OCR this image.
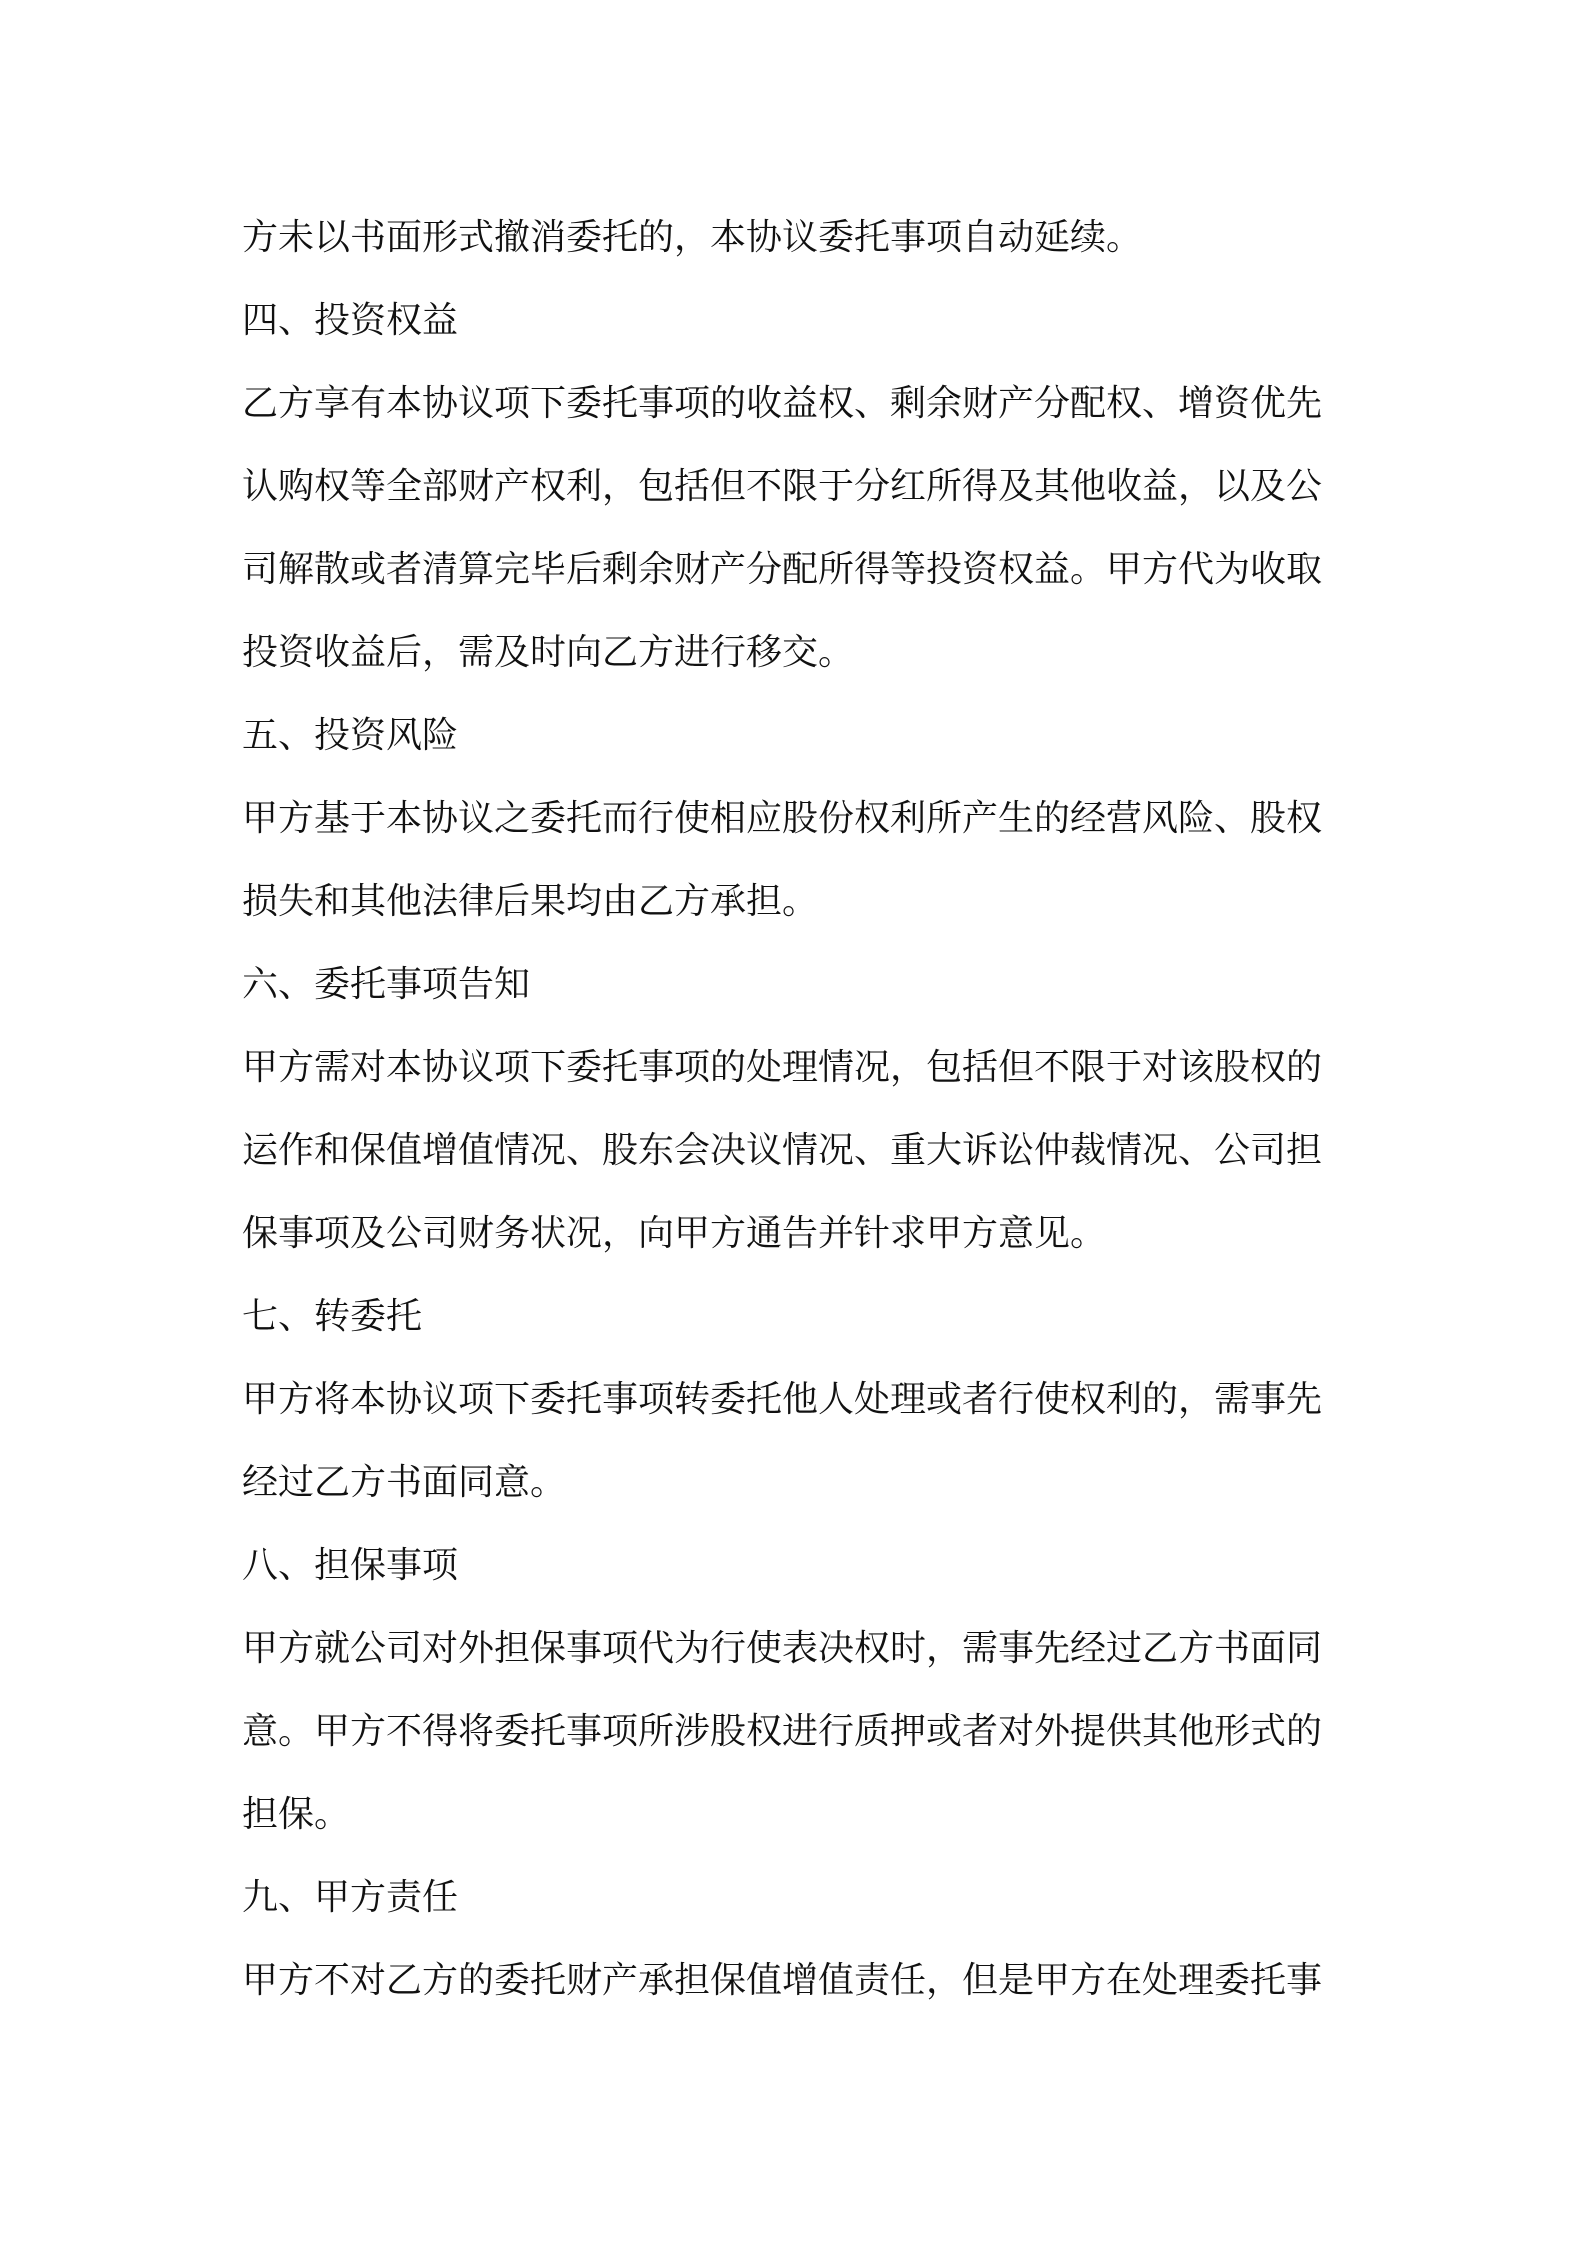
方未以书面形式撤消委托的，本协议委托事项自动延续。
四、投资权益
乙方享有本协议项下委托事项的收益权、剩余财产分配权、增资优先
认购权等全部财产权利，包括但不限于分红所得及其他收益，以及公
司解散或者清算完毕后剩余财产分配所得等投资权益。甲方代为收取
投资收益后，需及时向乙方进行移交。
五、投资风险
甲方基于本协议之委托而行使相应股份权利所产生的经营风险、股权
损失和其他法律后果均由乙方承担。
六、委托事项告知
甲方需对本协议项下委托事项的处理情况，包括但不限于对该股权的
运作和保值增值情况、股东会决议情况、重大诉讼仲裁情况、公司担
保事项及公司财务状况，向甲方通告并针求甲方意见。
七、转委托
甲方将本协议项下委托事项转委托他人处理或者行使权利的，需事先
经过乙方书面同意。
八、担保事项
甲方就公司对外担保事项代为行使表决权时，需事先经过乙方书面同
意。甲方不得将委托事项所涉股权进行质押或者对外提供其他形式的
担保。
九、甲方责任
甲方不对乙方的委托财产承担保值增值责任，但是甲方在处理委托事
